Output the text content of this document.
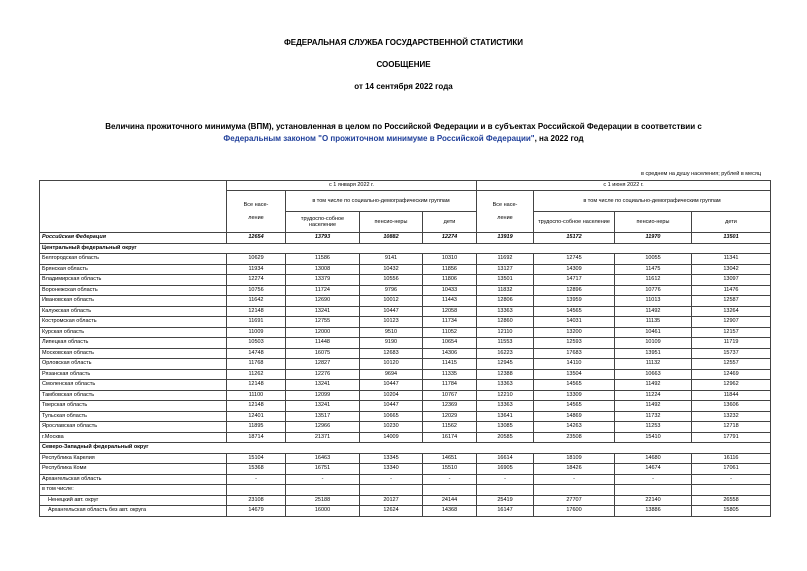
ФЕДЕРАЛЬНАЯ СЛУЖБА ГОСУДАРСТВЕННОЙ СТАТИСТИКИ
СООБЩЕНИЕ
от 14 сентября 2022 года
Величина прожиточного минимума (ВПМ), установленная в целом по Российской Федерации и в субъектах Российской Федерации в соответствии с
Федеральным законом "О прожиточном минимуме в Российской Федерации", на 2022 год
в среднем на душу населения; рублей в месяц
	с 1 января 2022 г.				с 1 июня 2022 г.			
	Все насе-

ление	в том числе по социально-демографическим группам			Все насе-

ление	в том числе по социально-демографическим группам		
		трудоспо-собное население	пенсио-неры	дети		трудоспо-собное население	пенсио-неры	дети
Российская Федерация	12654	13793	10882	12274	13919	15172	11970	13501
Центральный федеральный округ								
Белгородская область	10629	11586	9141	10310	11692	12745	10055	11341
Брянская область	11934	13008	10432	11856	13127	14309	11475	13042
Владимирская область	12274	13379	10556	11806	13501	14717	11612	13097
Воронежская область	10756	11724	9796	10433	11832	12896	10776	11476
Ивановская область	11642	12690	10012	11443	12806	13959	11013	12587
Калужская область	12148	13241	10447	12058	13363	14565	11492	13264
Костромская область	11691	12755	10123	11734	12860	14031	11135	12907
Курская область	11009	12000	9510	11052	12110	13200	10461	12157
Липецкая область	10503	11448	9190	10654	11553	12593	10109	11719
Московская область	14748	16075	12683	14306	16223	17683	13951	15737
Орловская область	11768	12827	10120	11415	12945	14110	11132	12557
Рязанская область	11262	12276	9694	11335	12388	13504	10663	12469
Смоленская область	12148	13241	10447	11784	13363	14565	11492	12962
Тамбовская область	11100	12099	10204	10767	12210	13309	11224	11844
Тверская область	12148	13241	10447	12369	13363	14565	11492	13606
Тульская область	12401	13517	10665	12029	13641	14869	11732	13232
Ярославская область	11895	12966	10230	11562	13085	14263	11253	12718
г.Москва	18714	21371	14009	16174	20585	23508	15410	17791
Северо-Западный федеральный округ								
Республика Карелия	15104	16463	13345	14651	16614	18109	14680	16116
Республика Коми	15368	16751	13340	15510	16905	18426	14674	17061
Архангельская область	-	-	-	-	-	-	-	-
в том числе:								
Ненецкий авт. округ	23108	25188	20127	24144	25419	27707	22140	26558
Архангельская область без авт. округа	14679	16000	12624	14368	16147	17600	13886	15805
